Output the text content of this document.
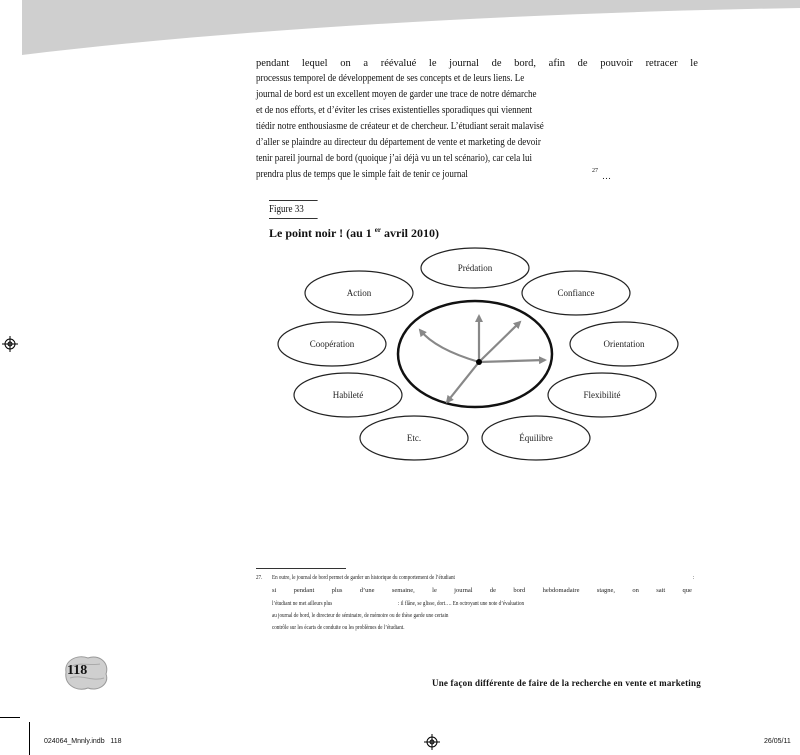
pendant lequel on a réévalué le journal de bord, afin de pouvoir retracer le
processus temporel de développement de ses concepts et de leurs liens. Le
journal de bord est un excellent moyen de garder une trace de notre démarche
et de nos efforts, et d’éviter les crises existentielles sporadiques qui viennent
tiédir notre enthousiasme de créateur et de chercheur. L’étudiant serait malavisé
d’aller se plaindre au directeur du département de vente et marketing de devoir
tenir pareil journal de bord (quoique j’ai déjà vu un tel scénario), car cela lui
prendra plus de temps que le simple fait de tenir ce journal	27 …
Figure 33
Le point noir ! (au 1 $^{er}$ avril 2010)
Prédation
Action	Confiance
Coopération	Orientation
Habileté	Flexibilité
Etc.	Équilibre
27. En outre, le journal de bord permet de garder un historique du comportement de l’étudiant	:
si	pendant	plus	d’une	semaine,	le	journal	de	bord	hebdomadaire	stagne,	on	sait	que
l’étudiant ne met ailleurs plus	: il flâne, se glisse, dort…. En octroyant une note d’évaluation
au journal de bord, le directeur de séminaire, de mémoire ou de thèse garde une certain
contrôle sur les écarts de conduite ou les problèmes de l’étudiant.
118
Une façon différente de faire de la recherche en vente et marketing
024064_Mnnly.indb   118	26/05/11
